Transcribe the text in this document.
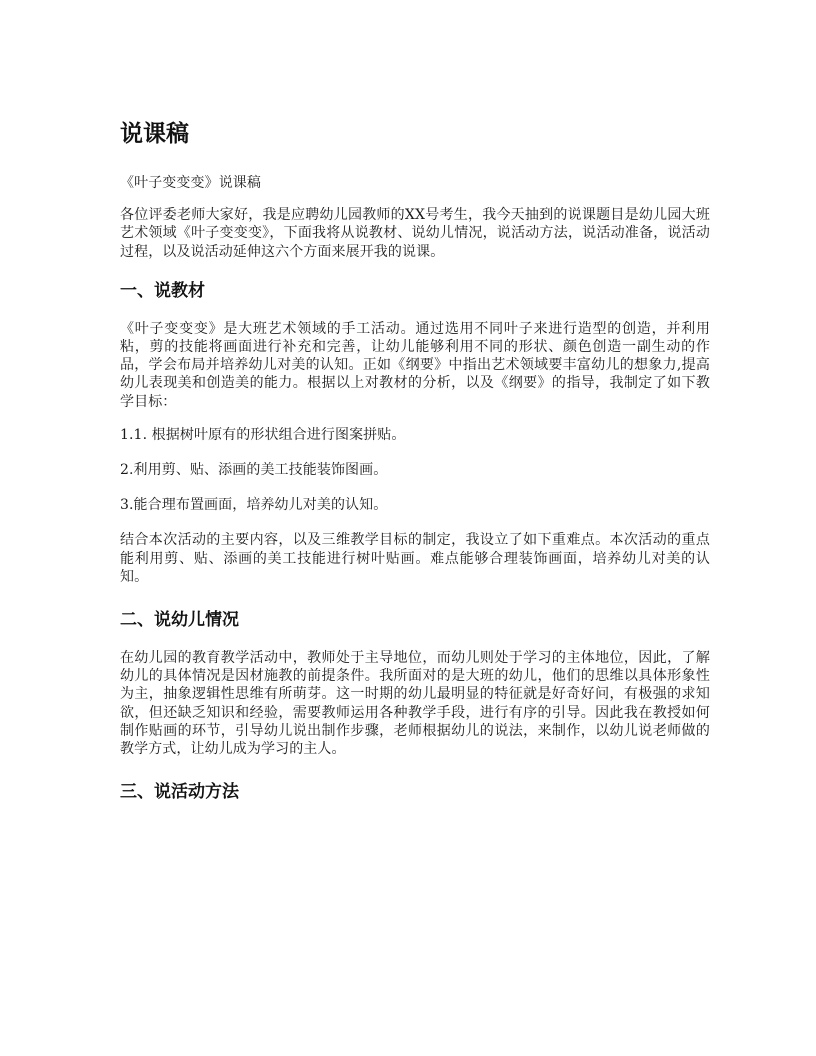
说课稿

《叶子变变变》说课稿

各位评委老师大家好，我是应聘幼儿园教师的XX号考生，我今天抽到的说课题目是幼儿园大班艺术领域《叶子变变变》，下面我将从说教材、说幼儿情况，说活动方法，说活动准备，说活动过程，以及说活动延伸这六个方面来展开我的说课。

一、说教材

《叶子变变变》是大班艺术领域的手工活动。通过选用不同叶子来进行造型的创造，并利用粘，剪的技能将画面进行补充和完善，让幼儿能够利用不同的形状、颜色创造一副生动的作品，学会布局并培养幼儿对美的认知。正如《纲要》中指出艺术领域要丰富幼儿的想象力,提高幼儿表现美和创造美的能力。根据以上对教材的分析，以及《纲要》的指导，我制定了如下教学目标：

1.1. 根据树叶原有的形状组合进行图案拼贴。

2.利用剪、贴、添画的美工技能装饰图画。

3.能合理布置画面，培养幼儿对美的认知。

结合本次活动的主要内容，以及三维教学目标的制定，我设立了如下重难点。本次活动的重点能利用剪、贴、添画的美工技能进行树叶贴画。难点能够合理装饰画面，培养幼儿对美的认知。

二、说幼儿情况

在幼儿园的教育教学活动中，教师处于主导地位，而幼儿则处于学习的主体地位，因此，了解幼儿的具体情况是因材施教的前提条件。我所面对的是大班的幼儿，他们的思维以具体形象性为主，抽象逻辑性思维有所萌芽。这一时期的幼儿最明显的特征就是好奇好问，有极强的求知欲，但还缺乏知识和经验，需要教师运用各种教学手段，进行有序的引导。因此我在教授如何制作贴画的环节，引导幼儿说出制作步骤，老师根据幼儿的说法，来制作，以幼儿说老师做的教学方式，让幼儿成为学习的主人。

三、说活动方法
